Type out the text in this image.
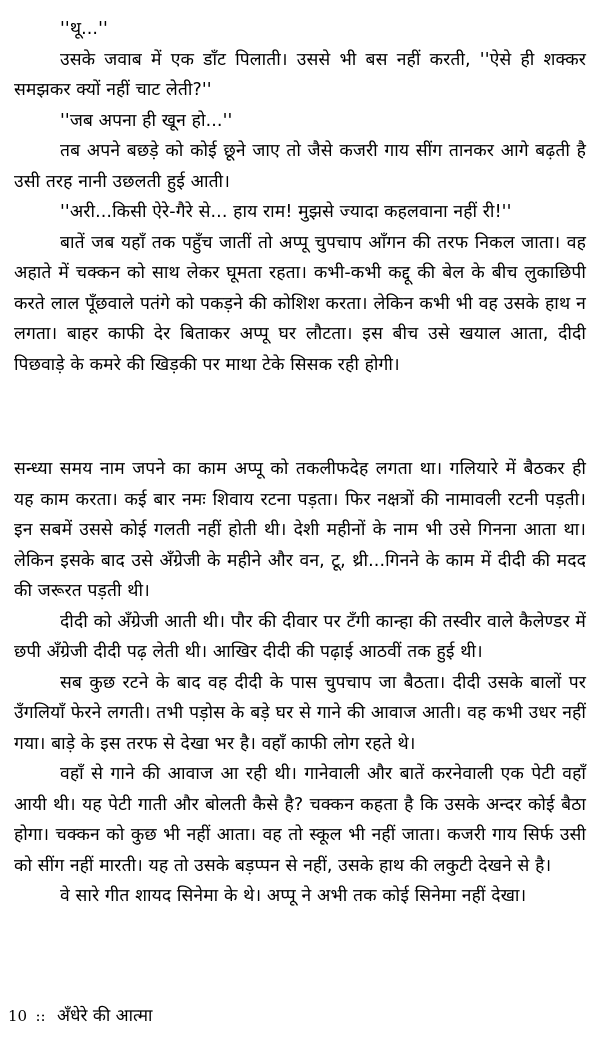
''थू...''

उसके जवाब में एक डाँट पिलाती। उससे भी बस नहीं करती, ''ऐसे ही शक्कर समझकर क्यों नहीं चाट लेती?''

''जब अपना ही खून हो...''

तब अपने बछड़े को कोई छूने जाए तो जैसे कजरी गाय सींग तानकर आगे बढ़ती है उसी तरह नानी उछलती हुई आती।

''अरी...किसी ऐरे-गैरे से... हाय राम! मुझसे ज्यादा कहलवाना नहीं री!''

बातें जब यहाँ तक पहुँच जातीं तो अप्पू चुपचाप आँगन की तरफ निकल जाता। वह अहाते में चक्कन को साथ लेकर घूमता रहता। कभी-कभी कद्दू की बेल के बीच लुकाछिपी करते लाल पूँछवाले पतंगे को पकड़ने की कोशिश करता। लेकिन कभी भी वह उसके हाथ न लगता। बाहर काफी देर बिताकर अप्पू घर लौटता। इस बीच उसे खयाल आता, दीदी पिछवाड़े के कमरे की खिड़की पर माथा टेके सिसक रही होगी।

सन्ध्या समय नाम जपने का काम अप्पू को तकलीफदेह लगता था। गलियारे में बैठकर ही यह काम करता। कई बार नमः शिवाय रटना पड़ता। फिर नक्षत्रों की नामावली रटनी पड़ती। इन सबमें उससे कोई गलती नहीं होती थी। देशी महीनों के नाम भी उसे गिनना आता था। लेकिन इसके बाद उसे अँग्रेजी के महीने और वन, टू, थ्री...गिनने के काम में दीदी की मदद की जरूरत पड़ती थी।

दीदी को अँग्रेजी आती थी। पौर की दीवार पर टँगी कान्हा की तस्वीर वाले कैलेण्डर में छपी अँग्रेजी दीदी पढ़ लेती थी। आखिर दीदी की पढ़ाई आठवीं तक हुई थी।

सब कुछ रटने के बाद वह दीदी के पास चुपचाप जा बैठता। दीदी उसके बालों पर उँगलियाँ फेरने लगती। तभी पड़ोस के बड़े घर से गाने की आवाज आती। वह कभी उधर नहीं गया। बाड़े के इस तरफ से देखा भर है। वहाँ काफी लोग रहते थे।

वहाँ से गाने की आवाज आ रही थी। गानेवाली और बातें करनेवाली एक पेटी वहाँ आयी थी। यह पेटी गाती और बोलती कैसे है? चक्कन कहता है कि उसके अन्दर कोई बैठा होगा। चक्कन को कुछ भी नहीं आता। वह तो स्कूल भी नहीं जाता। कजरी गाय सिर्फ उसी को सींग नहीं मारती। यह तो उसके बड़प्पन से नहीं, उसके हाथ की लकुटी देखने से है।

वे सारे गीत शायद सिनेमा के थे। अप्पू ने अभी तक कोई सिनेमा नहीं देखा।

10 :: अँधेरे की आत्मा
